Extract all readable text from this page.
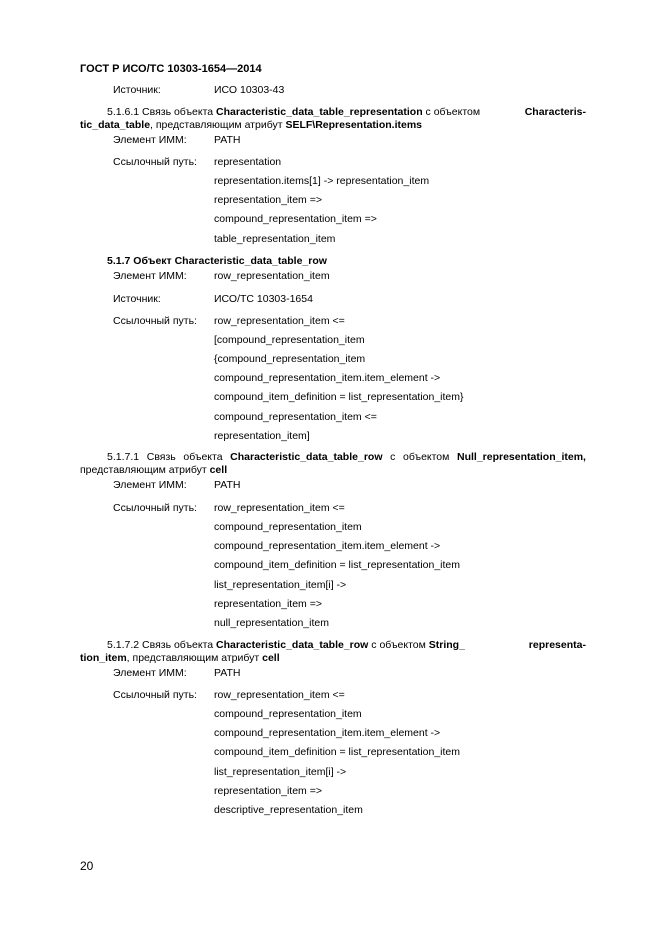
ГОСТ Р ИСО/ТС 10303-1654—2014
Источник:	ИСО 10303-43
5.1.6.1 Связь объекта Characteristic_data_table_representation с объектом	Characteris-
tic_data_table, представляющим атрибут SELF\Representation.items
Элемент ИММ:	PATH
Ссылочный путь: representation
representation.items[1] -> representation_item
representation_item =>
compound_representation_item =>
table_representation_item
5.1.7 Объект Characteristic_data_table_row
Элемент ИММ:	row_representation_item
Источник:	ИСО/ТС 10303-1654
Ссылочный путь: row_representation_item <=
[compound_representation_item
{compound_representation_item
compound_representation_item.item_element ->
compound_item_definition = list_representation_item}
compound_representation_item <=
representation_item]
5.1.7.1 Связь объекта Characteristic_data_table_row с объектом Null_representation_item,
представляющим атрибут cell
Элемент ИММ:	PATH
Ссылочный путь: row_representation_item <=
compound_representation_item
compound_representation_item.item_element ->
compound_item_definition = list_representation_item
list_representation_item[i] ->
representation_item =>
null_representation_item
5.1.7.2 Связь объекта Characteristic_data_table_row с объектом String_	representa-
tion_item, представляющим атрибут cell
Элемент ИММ:	PATH
Ссылочный путь: row_representation_item <=
compound_representation_item
compound_representation_item.item_element ->
compound_item_definition = list_representation_item
list_representation_item[i] ->
representation_item =>
descriptive_representation_item
20
